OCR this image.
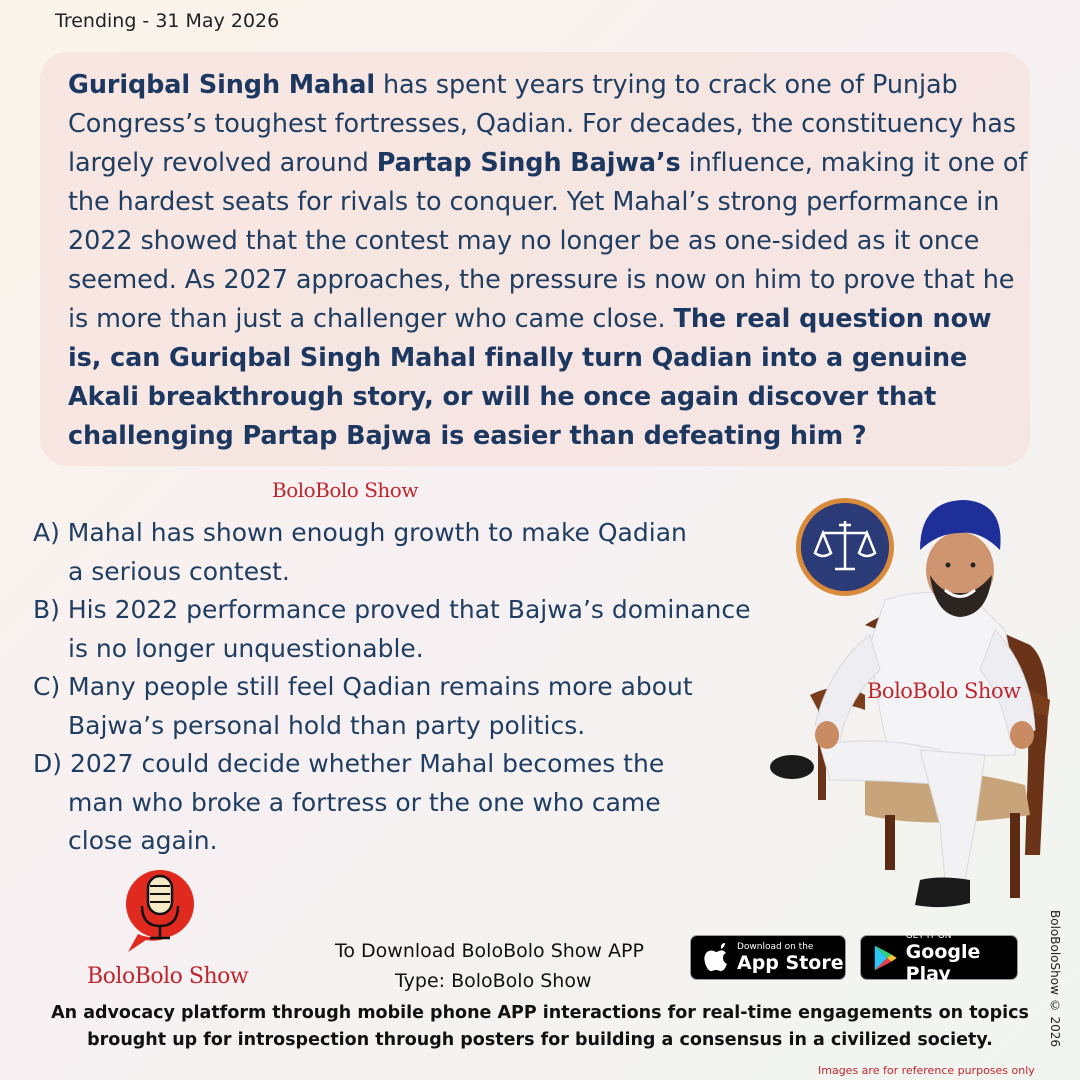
Trending - 31 May 2026
Guriqbal Singh Mahal has spent years trying to crack one of Punjab Congress’s toughest fortresses, Qadian. For decades, the constituency has largely revolved around Partap Singh Bajwa’s influence, making it one of the hardest seats for rivals to conquer. Yet Mahal’s strong performance in 2022 showed that the contest may no longer be as one-sided as it once seemed. As 2027 approaches, the pressure is now on him to prove that he is more than just a challenger who came close. The real question now is, can Guriqbal Singh Mahal finally turn Qadian into a genuine Akali breakthrough story, or will he once again discover that challenging Partap Bajwa is easier than defeating him ?
BoloBolo Show
A) Mahal has shown enough growth to make Qadian
a serious contest.
B) His 2022 performance proved that Bajwa’s dominance
is no longer unquestionable.
C) Many people still feel Qadian remains more about
Bajwa’s personal hold than party politics.
D) 2027 could decide whether Mahal becomes the
man who broke a fortress or the one who came
close again.
BoloBolo Show
BoloBolo Show
To Download BoloBolo Show APP
Type: BoloBolo Show
Download on the
App Store
GET IT ON
Google Play
An advocacy platform through mobile phone APP interactions for real-time engagements on topics
brought up for introspection through posters for building a consensus in a civilized society.	BoloBoloShow © 2026
Images are for reference purposes only
